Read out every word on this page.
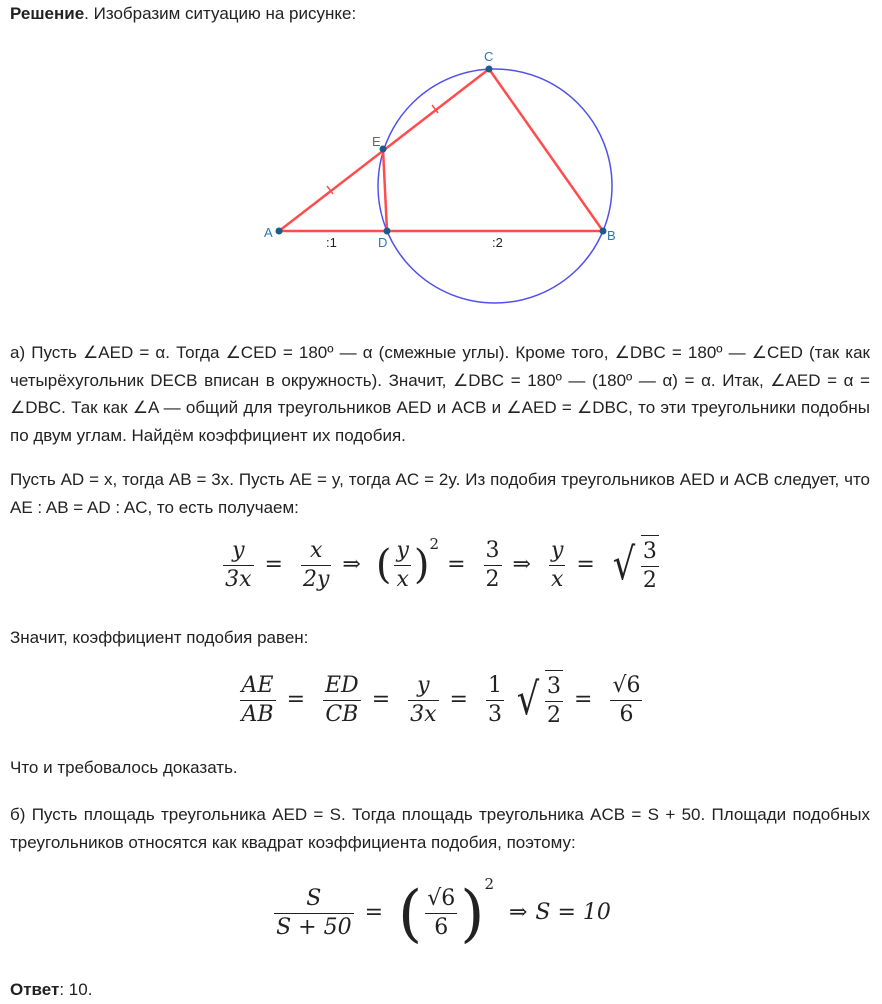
Решение. Изобразим ситуацию на рисунке:
A
D	B
C
E
:1	:2
а) Пусть ∠AED = α. Тогда ∠CED = 180º — α (смежные углы). Кроме того, ∠DBC = 180º — ∠CED (так как четырёхугольник DECB вписан в окружность). Значит, ∠DBC = 180º — (180º — α) = α. Итак, ∠AED = α = ∠DBC. Так как ∠A — общий для треугольников AED и ACB и ∠AED = ∠DBC, то эти треугольники подобны по двум углам. Найдём коэффициент их подобия.
Пусть AD = x, тогда AB = 3x. Пусть AE = y, тогда AC = 2y. Из подобия треугольников AED и ACB следует, что AE : AB = AD : AC, то есть получаем:
$\frac{y}{3x} = \frac{x}{2y}$ ⇒ ( $\frac{y}{x} )^2= \frac{3}{2}$ ⇒ $\frac{y}{x}$ = √ 3
2
Значит, коэффициент подобия равен:
$\frac{AE}{AB} = \frac{ED}{CB} = \frac{y}{3x} = \frac{1}{3}$
√ 3
2
= $\frac{√6}{6}$
Что и требовалось доказать.
б) Пусть площадь треугольника AED = S. Тогда площадь треугольника ACB = S + 50. Площади подобных треугольников относятся как квадрат коэффициента подобия, поэтому:
$\frac{S}{S + 50}$ = ( $\frac{√6}{6} )^2$ ⇒ S = 10
Ответ: 10.
